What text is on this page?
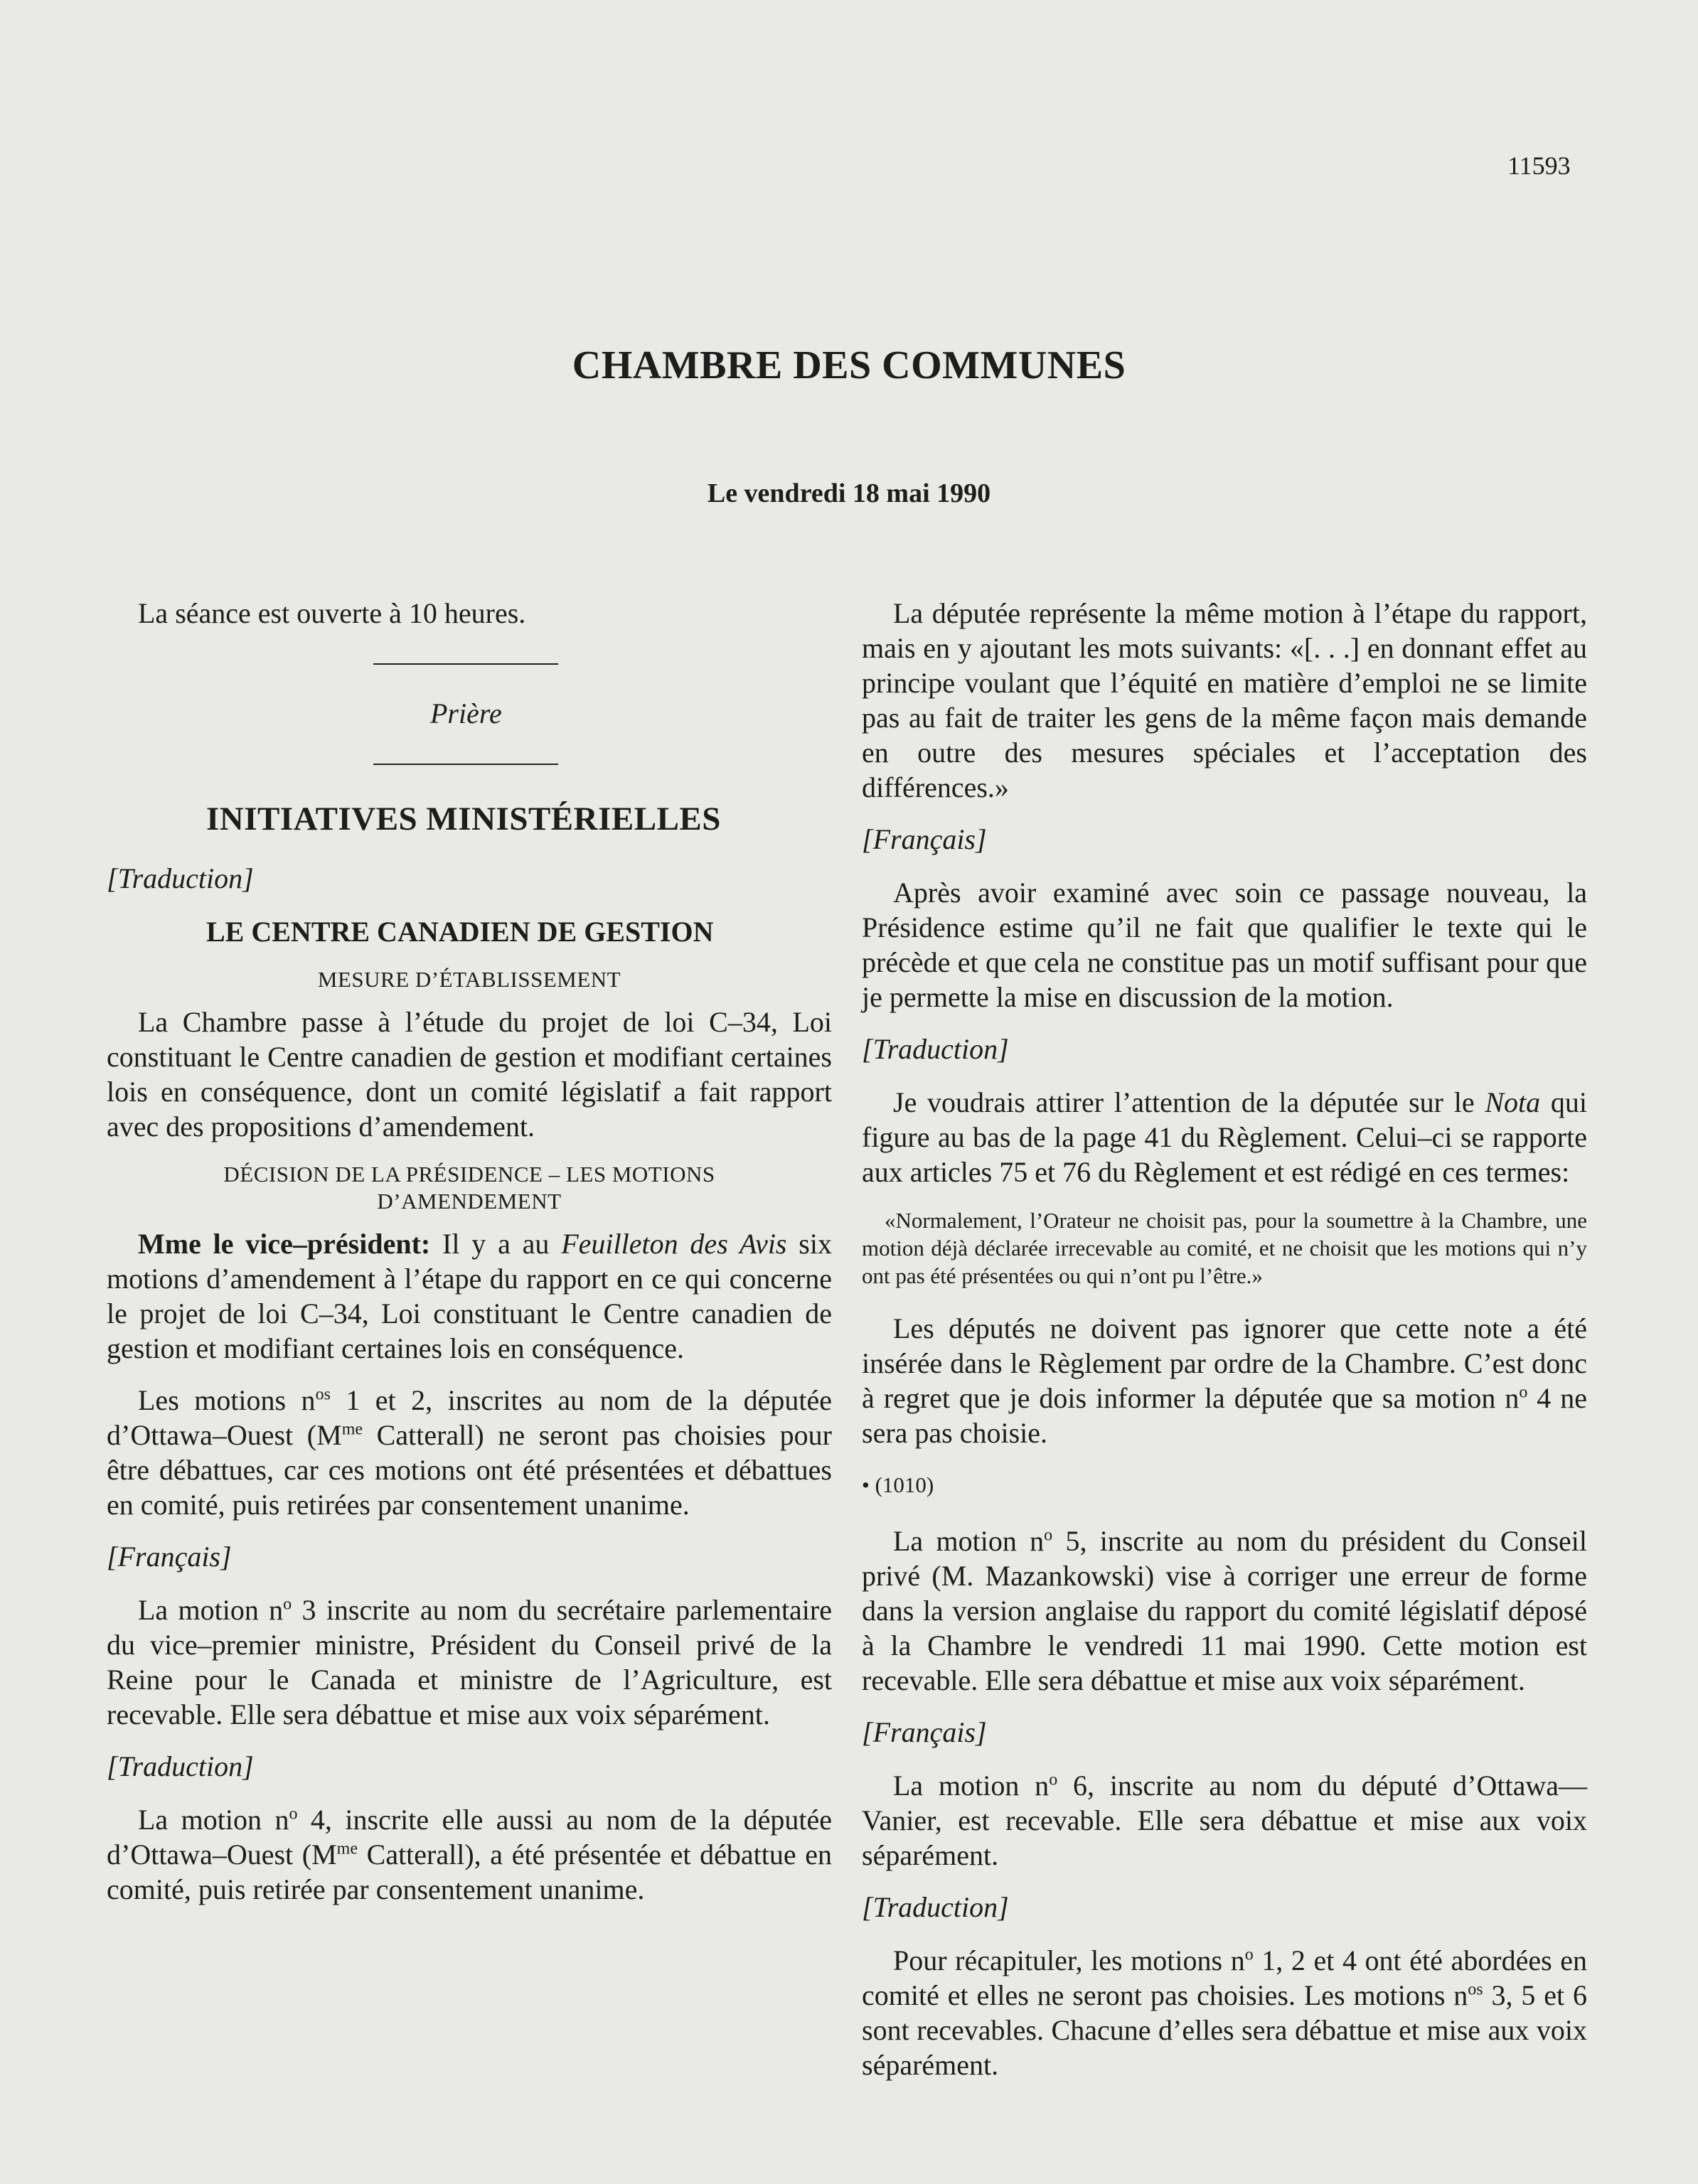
11593
CHAMBRE DES COMMUNES
Le vendredi 18 mai 1990

La séance est ouverte à 10 heures.

Prière
INITIATIVES MINISTÉRIELLES
[Traduction]
LE CENTRE CANADIEN DE GESTION
MESURE D’ÉTABLISSEMENT

La Chambre passe à l’étude du projet de loi C–34, Loi constituant le Centre canadien de gestion et modifiant certaines lois en conséquence, dont un comité législatif a fait rapport avec des propositions d’amendement.

DÉCISION DE LA PRÉSIDENCE – LES MOTIONS
D’AMENDEMENT

Mme le vice–président: Il y a au Feuilleton des Avis six motions d’amendement à l’étape du rapport en ce qui concerne le projet de loi C–34, Loi constituant le Centre canadien de gestion et modifiant certaines lois en conséquence.

Les motions $n^{os}$ 1 et 2, inscrites au nom de la députée d’Ottawa–Ouest ($M^{me}$ Catterall) ne seront pas choisies pour être débattues, car ces motions ont été présentées et débattues en comité, puis retirées par consentement unanime.

[Français]

La motion $n^o$ 3 inscrite au nom du secrétaire parlementaire du vice–premier ministre, Président du Conseil privé de la Reine pour le Canada et ministre de l’Agriculture, est recevable. Elle sera débattue et mise aux voix séparément.

[Traduction]

La motion $n^o$ 4, inscrite elle aussi au nom de la députée d’Ottawa–Ouest ($M^{me}$ Catterall), a été présentée et débattue en comité, puis retirée par consentement unanime.

La députée représente la même motion à l’étape du rapport, mais en y ajoutant les mots suivants: «[. . .] en donnant effet au principe voulant que l’équité en matière d’emploi ne se limite pas au fait de traiter les gens de la même façon mais demande en outre des mesures spéciales et l’acceptation des différences.»

[Français]

Après avoir examiné avec soin ce passage nouveau, la Présidence estime qu’il ne fait que qualifier le texte qui le précède et que cela ne constitue pas un motif suffisant pour que je permette la mise en discussion de la motion.

[Traduction]

Je voudrais attirer l’attention de la députée sur le Nota qui figure au bas de la page 41 du Règlement. Celui–ci se rapporte aux articles 75 et 76 du Règlement et est rédigé en ces termes:

«Normalement, l’Orateur ne choisit pas, pour la soumettre à la Chambre, une motion déjà déclarée irrecevable au comité, et ne choisit que les motions qui n’y ont pas été présentées ou qui n’ont pu l’être.»

Les députés ne doivent pas ignorer que cette note a été insérée dans le Règlement par ordre de la Chambre. C’est donc à regret que je dois informer la députée que sa motion $n^o$ 4 ne sera pas choisie.

• (1010)

La motion $n^o$ 5, inscrite au nom du président du Conseil privé (M. Mazankowski) vise à corriger une erreur de forme dans la version anglaise du rapport du comité législatif déposé à la Chambre le vendredi 11 mai 1990. Cette motion est recevable. Elle sera débattue et mise aux voix séparément.

[Français]

La motion $n^o$ 6, inscrite au nom du député d’Ottawa— Vanier, est recevable. Elle sera débattue et mise aux voix séparément.

[Traduction]

Pour récapituler, les motions $n^o$ 1, 2 et 4 ont été abordées en comité et elles ne seront pas choisies. Les motions $n^{os}$ 3, 5 et 6 sont recevables. Chacune d’elles sera débattue et mise aux voix séparément.
